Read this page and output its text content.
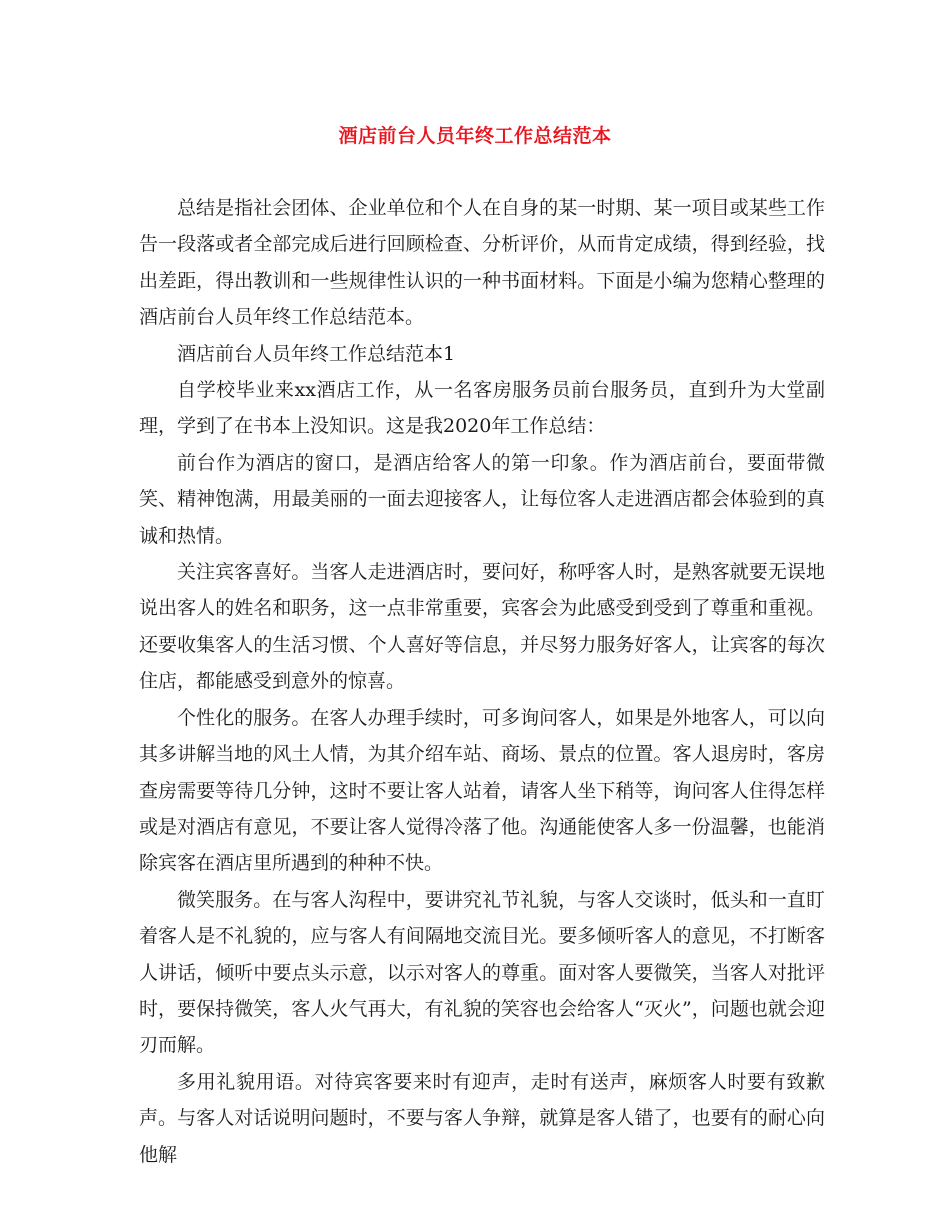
酒店前台人员年终工作总结范本

总结是指社会团体、企业单位和个人在自身的某一时期、某一项目或某些工作告一段落或者全部完成后进行回顾检查、分析评价，从而肯定成绩，得到经验，找出差距，得出教训和一些规律性认识的一种书面材料。下面是小编为您精心整理的酒店前台人员年终工作总结范本。

酒店前台人员年终工作总结范本1

自学校毕业来xx酒店工作，从一名客房服务员前台服务员，直到升为大堂副理，学到了在书本上没知识。这是我2020年工作总结：

前台作为酒店的窗口，是酒店给客人的第一印象。作为酒店前台，要面带微笑、精神饱满，用最美丽的一面去迎接客人，让每位客人走进酒店都会体验到的真诚和热情。

关注宾客喜好。当客人走进酒店时，要问好，称呼客人时，是熟客就要无误地说出客人的姓名和职务，这一点非常重要，宾客会为此感受到受到了尊重和重视。还要收集客人的生活习惯、个人喜好等信息，并尽努力服务好客人，让宾客的每次住店，都能感受到意外的惊喜。

个性化的服务。在客人办理手续时，可多询问客人，如果是外地客人，可以向其多讲解当地的风土人情，为其介绍车站、商场、景点的位置。客人退房时，客房查房需要等待几分钟，这时不要让客人站着，请客人坐下稍等，询问客人住得怎样或是对酒店有意见，不要让客人觉得冷落了他。沟通能使客人多一份温馨，也能消除宾客在酒店里所遇到的种种不快。

微笑服务。在与客人沟程中，要讲究礼节礼貌，与客人交谈时，低头和一直盯着客人是不礼貌的，应与客人有间隔地交流目光。要多倾听客人的意见，不打断客人讲话，倾听中要点头示意，以示对客人的尊重。面对客人要微笑，当客人对批评时，要保持微笑，客人火气再大，有礼貌的笑容也会给客人“灭火”，问题也就会迎刃而解。

多用礼貌用语。对待宾客要来时有迎声，走时有送声，麻烦客人时要有致歉声。与客人对话说明问题时，不要与客人争辩，就算是客人错了，也要有的耐心向他解
